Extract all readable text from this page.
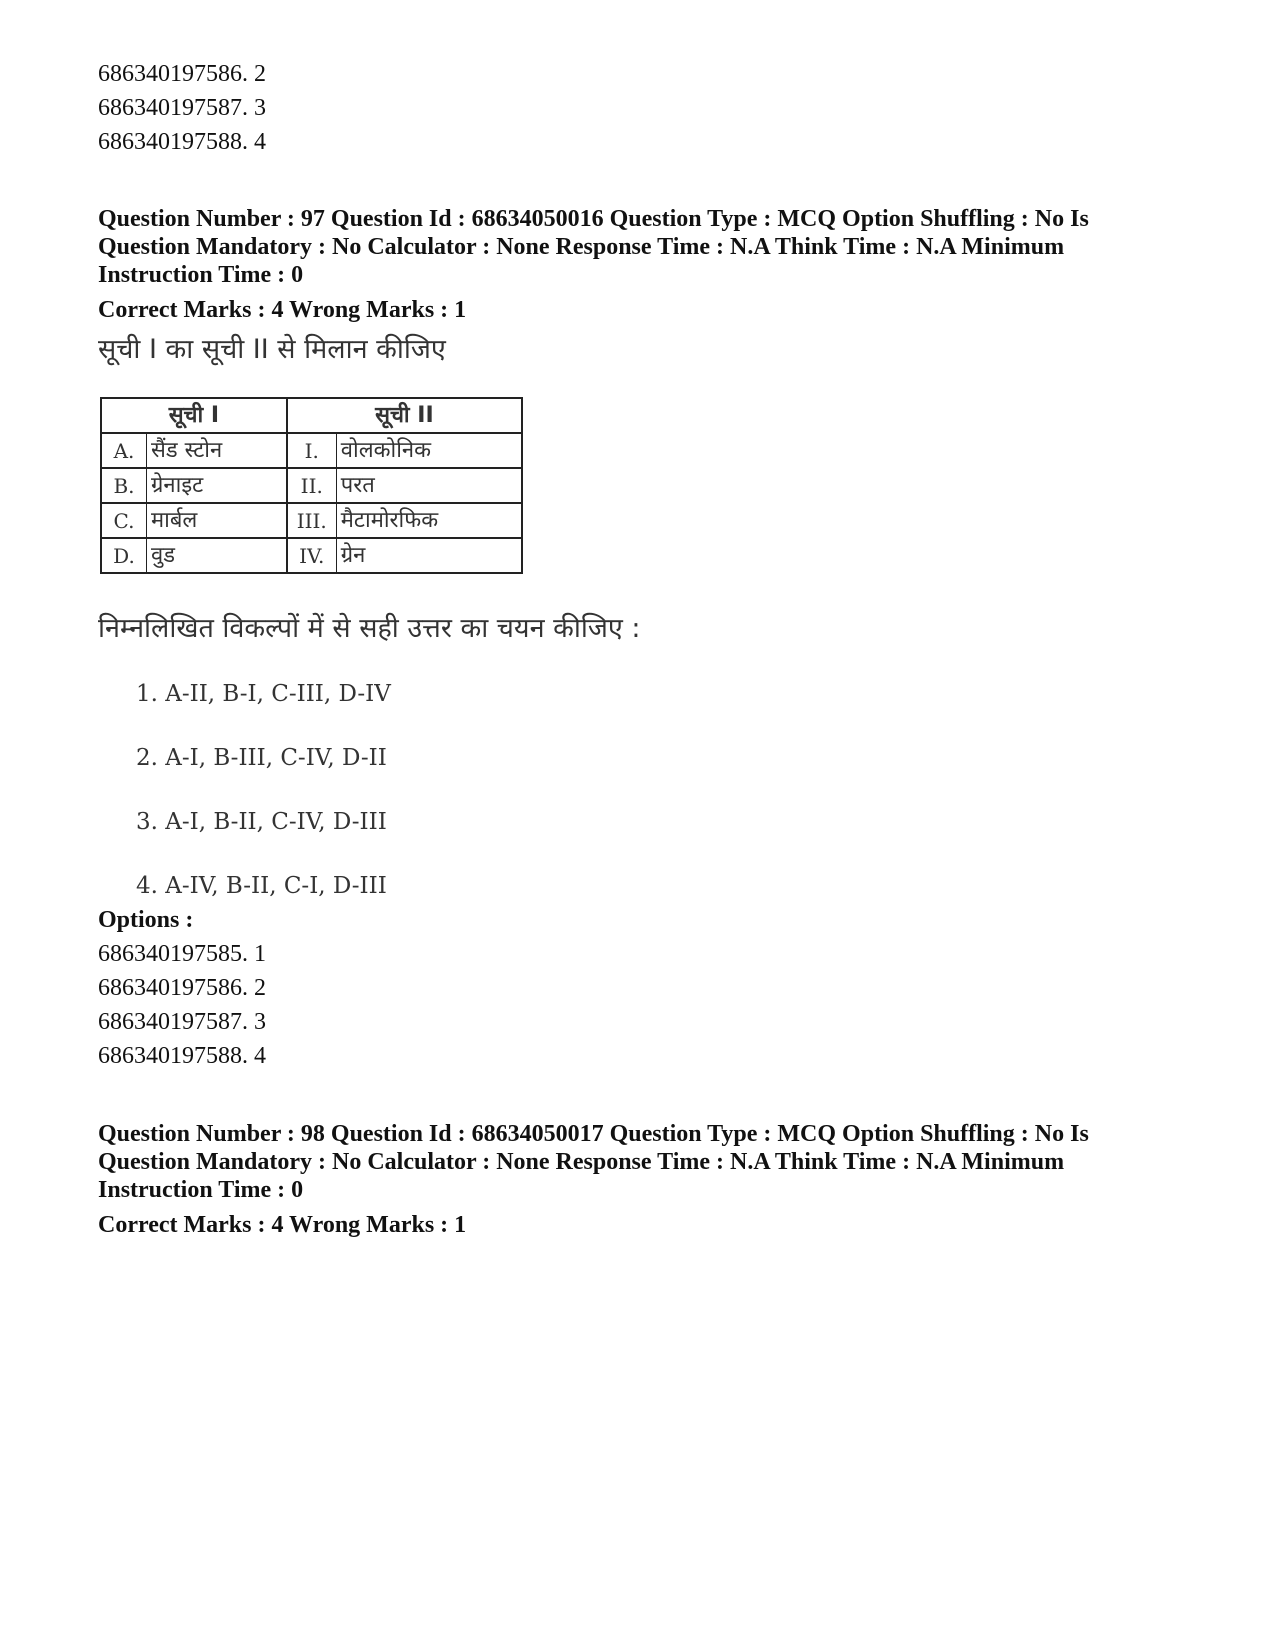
686340197586. 2
686340197587. 3
686340197588. 4
Question Number : 97 Question Id : 68634050016 Question Type : MCQ Option Shuffling : No Is
Question Mandatory : No Calculator : None Response Time : N.A Think Time : N.A Minimum
Instruction Time : 0
Correct Marks : 4 Wrong Marks : 1
सूची I का सूची II से मिलान कीजिए
सूची I		सूची II	
A.	सैंड स्टोन	I.	वोलकोनिक
B.	ग्रेनाइट	II.	परत
C.	मार्बल	III.	मैटामोरफिक
D.	वुड	IV.	ग्रेन
निम्नलिखित विकल्पों में से सही उत्तर का चयन कीजिए :
1. A-II, B-I, C-III, D-IV
2. A-I, B-III, C-IV, D-II
3. A-I, B-II, C-IV, D-III
4. A-IV, B-II, C-I, D-III
Options :
686340197585. 1
686340197586. 2
686340197587. 3
686340197588. 4
Question Number : 98 Question Id : 68634050017 Question Type : MCQ Option Shuffling : No Is
Question Mandatory : No Calculator : None Response Time : N.A Think Time : N.A Minimum
Instruction Time : 0
Correct Marks : 4 Wrong Marks : 1
